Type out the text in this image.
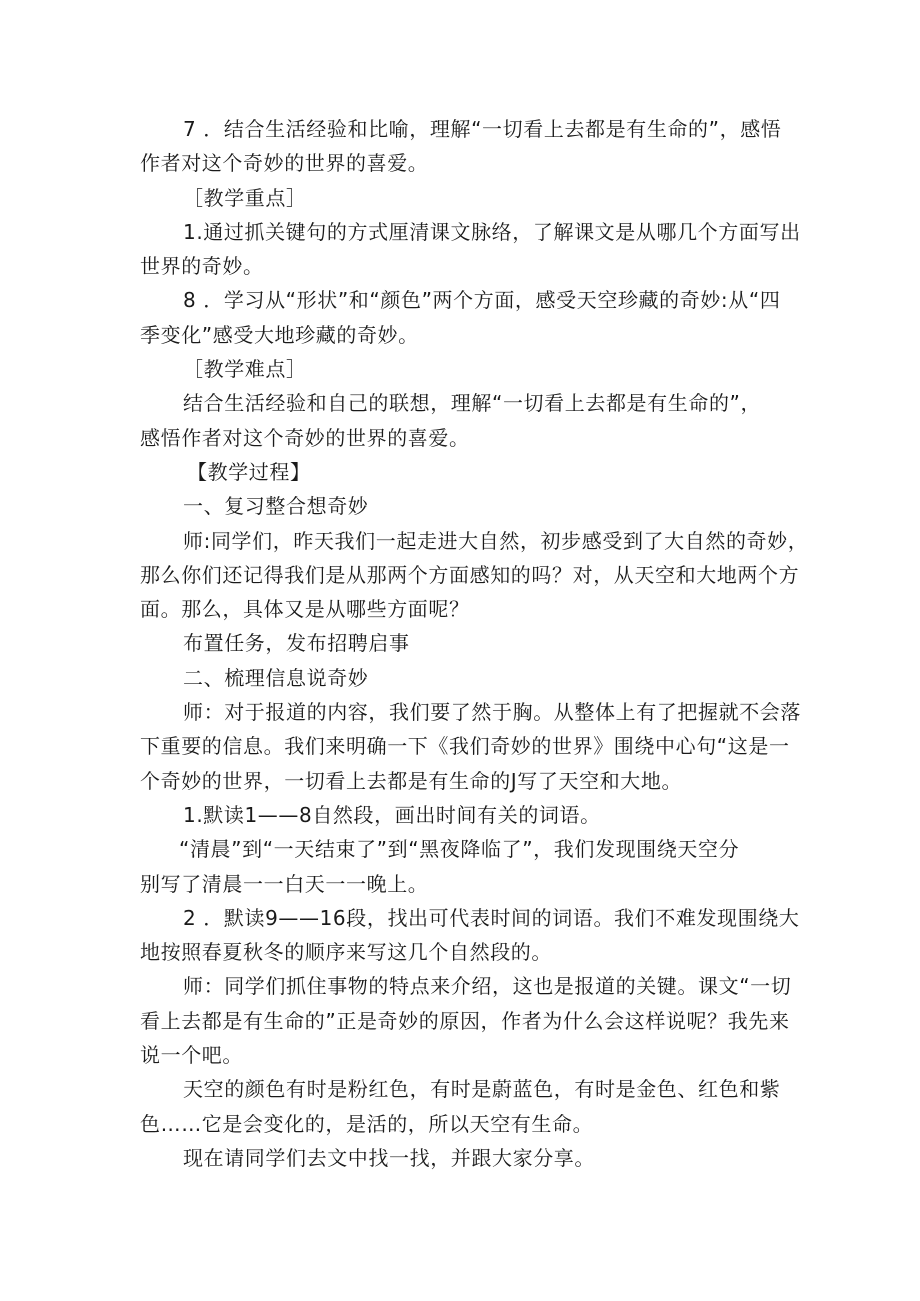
7 ．结合生活经验和比喻，理解“一切看上去都是有生命的”，感悟

作者对这个奇妙的世界的喜爱。

［教学重点］

1.通过抓关键句的方式厘清课文脉络，了解课文是从哪几个方面写出

世界的奇妙。

8 ．学习从“形状”和“颜色”两个方面，感受天空珍藏的奇妙:从“四

季变化”感受大地珍藏的奇妙。

［教学难点］

结合生活经验和自己的联想，理解“一切看上去都是有生命的”，

感悟作者对这个奇妙的世界的喜爱。

【教学过程】

一、复习整合想奇妙

师:同学们，昨天我们一起走进大自然，初步感受到了大自然的奇妙，

那么你们还记得我们是从那两个方面感知的吗？对，从天空和大地两个方

面。那么，具体又是从哪些方面呢？

布置任务，发布招聘启事

二、梳理信息说奇妙

师：对于报道的内容，我们要了然于胸。从整体上有了把握就不会落

下重要的信息。我们来明确一下《我们奇妙的世界》围绕中心句“这是一

个奇妙的世界，一切看上去都是有生命的J写了天空和大地。

1.默读1——8自然段，画出时间有关的词语。

“清晨”到“一天结束了”到“黑夜降临了”，我们发现围绕天空分

别写了清晨一一白天一一晚上。

2 ．默读9——16段，找出可代表时间的词语。我们不难发现围绕大

地按照春夏秋冬的顺序来写这几个自然段的。

师：同学们抓住事物的特点来介绍，这也是报道的关键。课文“一切

看上去都是有生命的”正是奇妙的原因，作者为什么会这样说呢？我先来

说一个吧。

天空的颜色有时是粉红色，有时是蔚蓝色，有时是金色、红色和紫

色……它是会变化的，是活的，所以天空有生命。

现在请同学们去文中找一找，并跟大家分享。
